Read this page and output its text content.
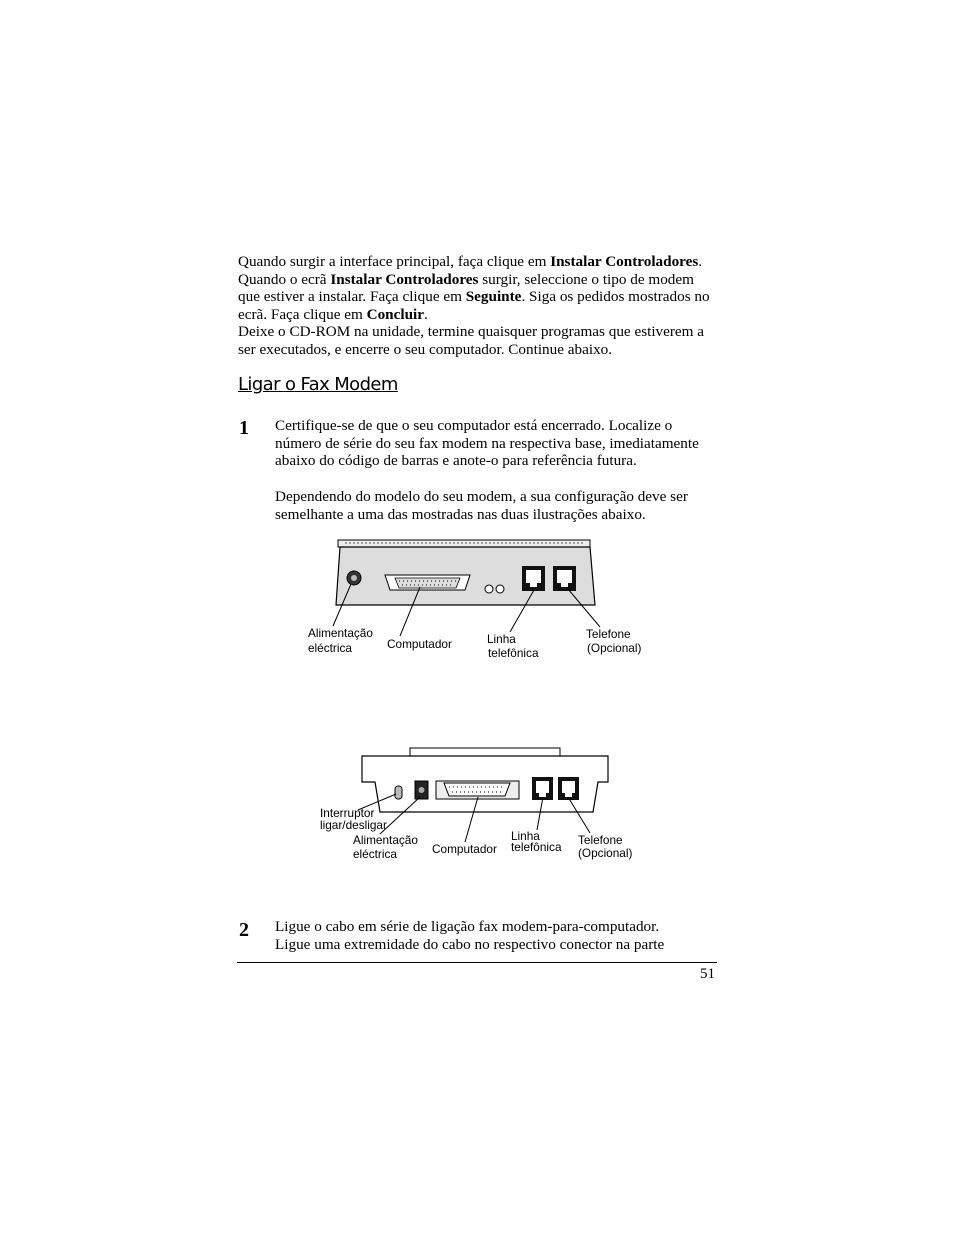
Quando surgir a interface principal, faça clique em Instalar Controladores. Quando o ecrã Instalar Controladores surgir, seleccione o tipo de modem que estiver a instalar. Faça clique em Seguinte. Siga os pedidos mostrados no ecrã. Faça clique em Concluir.

Deixe o CD-ROM na unidade, termine quaisquer programas que estiverem a ser executados, e encerre o seu computador. Continue abaixo.

Ligar o Fax Modem
1 Certifique-se de que o seu computador está encerrado. Localize o número de série do seu fax modem na respectiva base, imediatamente abaixo do código de barras e anote-o para referência futura.

Dependendo do modelo do seu modem, a sua configuração deve ser semelhante a uma das mostradas nas duas ilustrações abaixo.

Alimentação
eléctrica	Computador	Linha
telefônica
Telefone
(Opcional)
Interruptor
ligar/desligar
Alimentação
eléctrica	Computador
Linha
telefônica Telefone
(Opcional)
2 Ligue o cabo em série de ligação fax modem-para-computador.
Ligue uma extremidade do cabo no respectivo conector na parte

51
